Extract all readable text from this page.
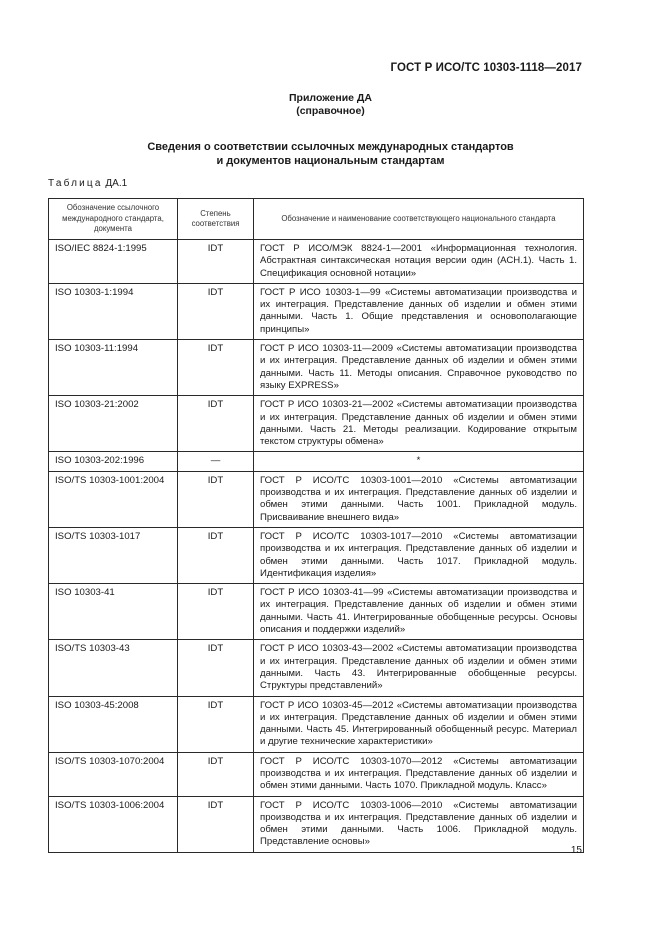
ГОСТ Р ИСО/ТС 10303-1118—2017
Приложение ДА
(справочное)
Сведения о соответствии ссылочных международных стандартов
и документов национальным стандартам
Таблица ДА.1
Обозначение ссылочного международного стандарта, документа	Степень соответствия	Обозначение и наименование соответствующего национального стандарта
ISO/IEC 8824-1:1995	IDT	ГОСТ Р ИСО/МЭК 8824-1—2001 «Информационная технология. Абстрактная синтаксическая нотация версии один (АСН.1). Часть 1. Спецификация основной нотации»
ISO 10303-1:1994	IDT	ГОСТ Р ИСО 10303-1—99 «Системы автоматизации производства и их интеграция. Представление данных об изделии и обмен этими данными. Часть 1. Общие представления и основополагающие принципы»
ISO 10303-11:1994	IDT	ГОСТ Р ИСО 10303-11—2009 «Системы автоматизации производства и их интеграция. Представление данных об изделии и обмен этими данными. Часть 11. Методы описания. Справочное руководство по языку EXPRESS»
ISO 10303-21:2002	IDT	ГОСТ Р ИСО 10303-21—2002 «Системы автоматизации производства и их интеграция. Представление данных об изделии и обмен этими данными. Часть 21. Методы реализации. Кодирование открытым текстом структуры обмена»
ISO 10303-202:1996	—	*
ISO/TS 10303-1001:2004	IDT	ГОСТ Р ИСО/ТС 10303-1001—2010 «Системы автоматизации производства и их интеграция. Представление данных об изделии и обмен этими данными. Часть 1001. Прикладной модуль. Присваивание внешнего вида»
ISO/TS 10303-1017	IDT	ГОСТ Р ИСО/ТС 10303-1017—2010 «Системы автоматизации производства и их интеграция. Представление данных об изделии и обмен этими данными. Часть 1017. Прикладной модуль. Идентификация изделия»
ISO 10303-41	IDT	ГОСТ Р ИСО 10303-41—99 «Системы автоматизации производства и их интеграция. Представление данных об изделии и обмен этими данными. Часть 41. Интегрированные обобщенные ресурсы. Основы описания и поддержки изделий»
ISO/TS 10303-43	IDT	ГОСТ Р ИСО 10303-43—2002 «Системы автоматизации производства и их интеграция. Представление данных об изделии и обмен этими данными. Часть 43. Интегрированные обобщенные ресурсы. Структуры представлений»
ISO 10303-45:2008	IDT	ГОСТ Р ИСО 10303-45—2012 «Системы автоматизации производства и их интеграция. Представление данных об изделии и обмен этими данными. Часть 45. Интегрированный обобщенный ресурс. Материал и другие технические характеристики»
ISO/TS 10303-1070:2004	IDT	ГОСТ Р ИСО/ТС 10303-1070—2012 «Системы автоматизации производства и их интеграция. Представление данных об изделии и обмен этими данными. Часть 1070. Прикладной модуль. Класс»
ISO/TS 10303-1006:2004	IDT	ГОСТ Р ИСО/ТС 10303-1006—2010 «Системы автоматизации производства и их интеграция. Представление данных об изделии и обмен этими данными. Часть 1006. Прикладной модуль. Представление основы»
15
